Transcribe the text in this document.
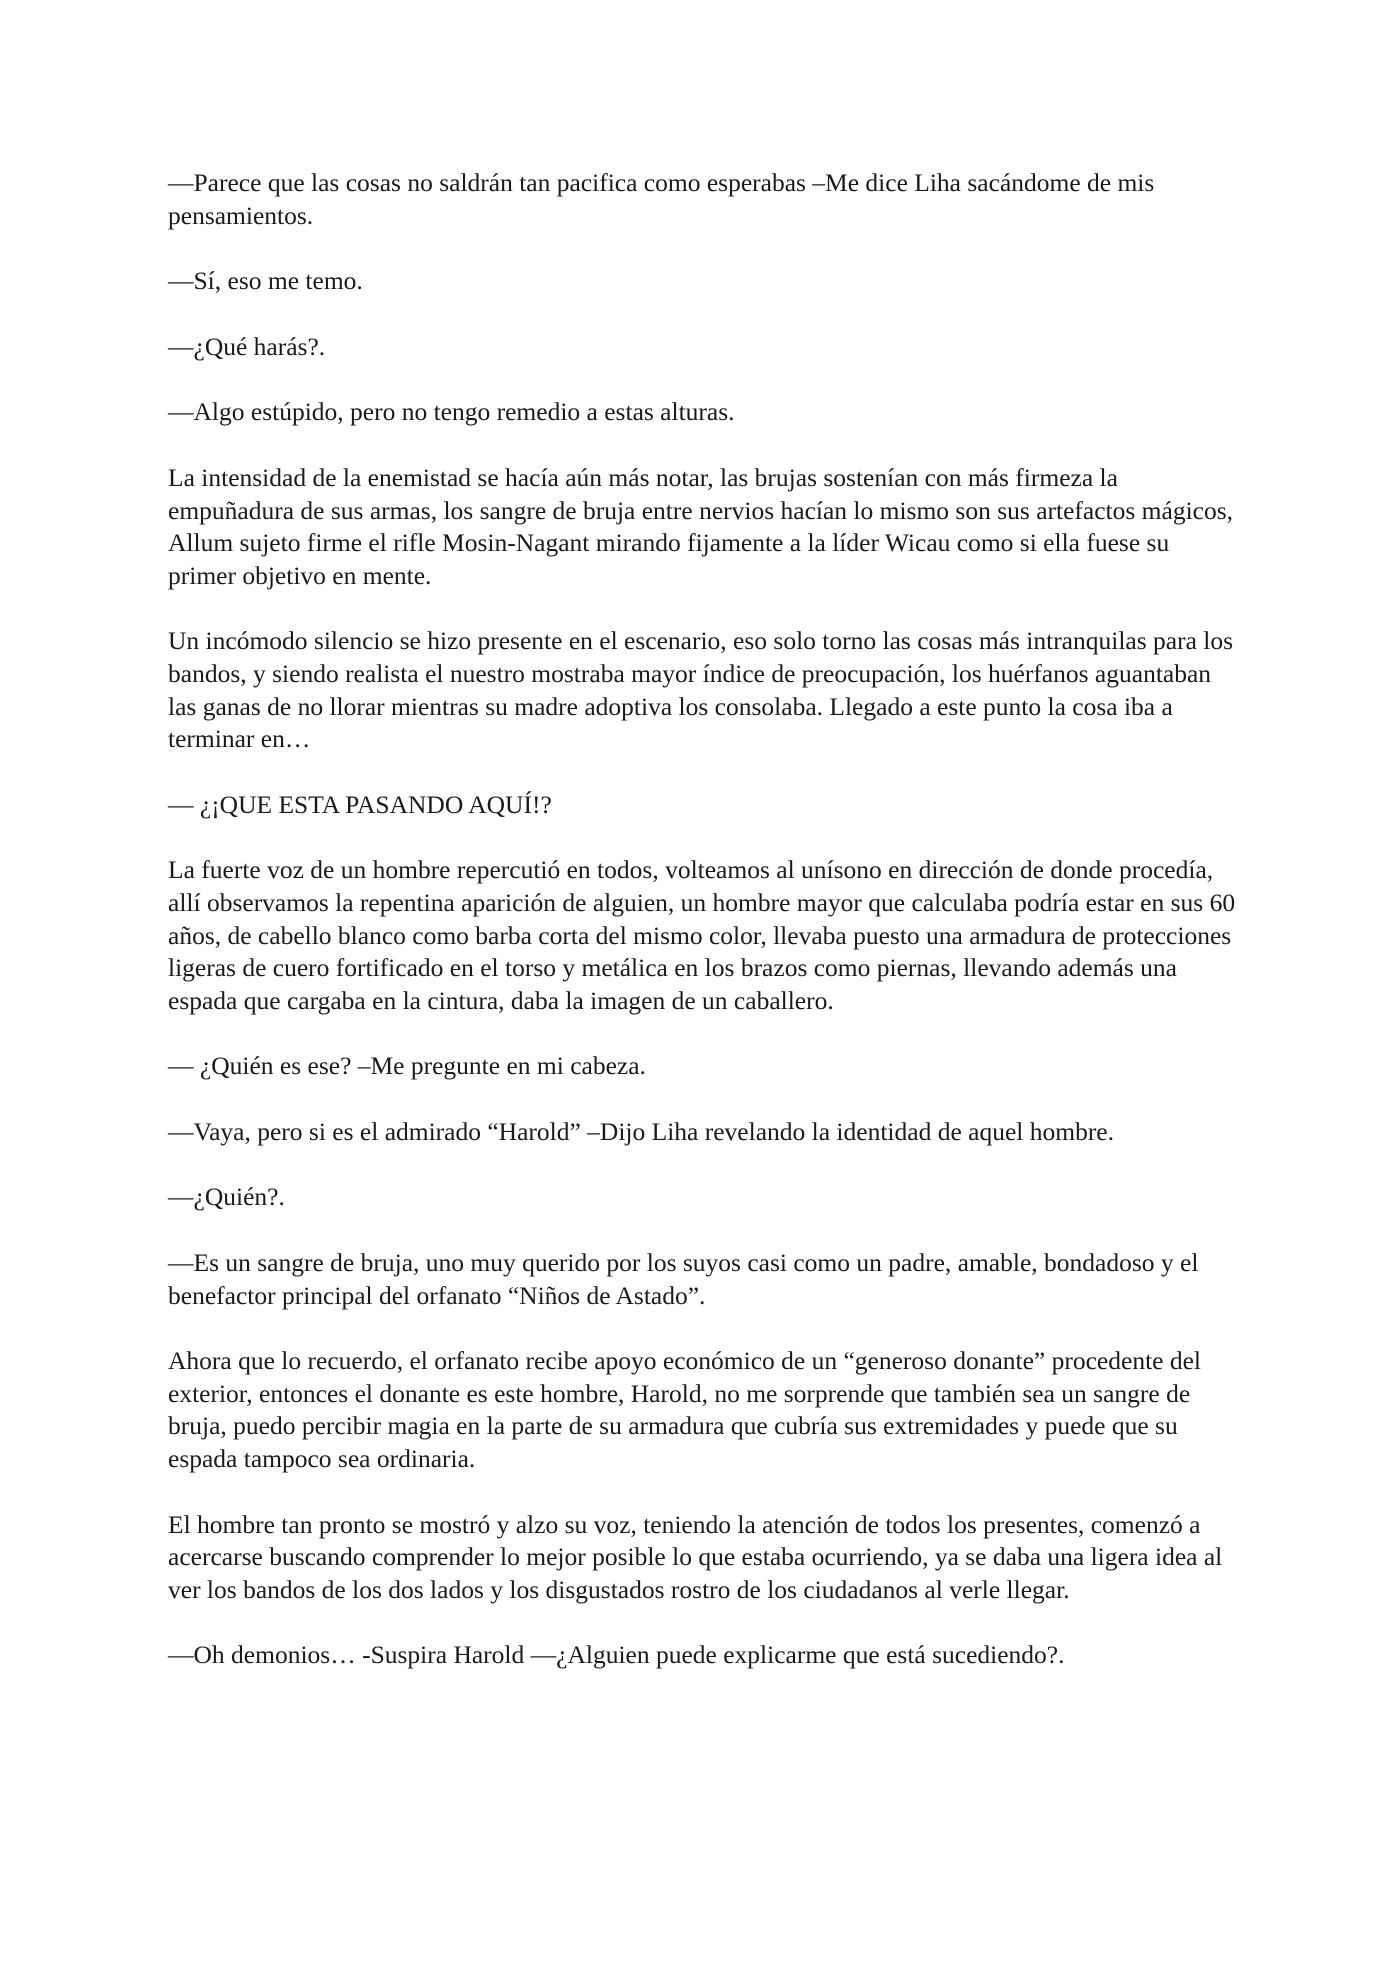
—Parece que las cosas no saldrán tan pacifica como esperabas –Me dice Liha sacándome de mis pensamientos.

—Sí, eso me temo.

—¿Qué harás?.

—Algo estúpido, pero no tengo remedio a estas alturas.

La intensidad de la enemistad se hacía aún más notar, las brujas sostenían con más firmeza la empuñadura de sus armas, los sangre de bruja entre nervios hacían lo mismo son sus artefactos mágicos, Allum sujeto firme el rifle Mosin-Nagant mirando fijamente a la líder Wicau como si ella fuese su primer objetivo en mente.

Un incómodo silencio se hizo presente en el escenario, eso solo torno las cosas más intranquilas para los bandos, y siendo realista el nuestro mostraba mayor índice de preocupación, los huérfanos aguantaban las ganas de no llorar mientras su madre adoptiva los consolaba. Llegado a este punto la cosa iba a terminar en…

— ¿¡QUE ESTA PASANDO AQUÍ!?

La fuerte voz de un hombre repercutió en todos, volteamos al unísono en dirección de donde procedía, allí observamos la repentina aparición de alguien, un hombre mayor que calculaba podría estar en sus 60 años, de cabello blanco como barba corta del mismo color, llevaba puesto una armadura de protecciones ligeras de cuero fortificado en el torso y metálica en los brazos como piernas, llevando además una espada que cargaba en la cintura, daba la imagen de un caballero.

— ¿Quién es ese? –Me pregunte en mi cabeza.

—Vaya, pero si es el admirado “Harold” –Dijo Liha revelando la identidad de aquel hombre.

—¿Quién?.

—Es un sangre de bruja, uno muy querido por los suyos casi como un padre, amable, bondadoso y el benefactor principal del orfanato “Niños de Astado”.

Ahora que lo recuerdo, el orfanato recibe apoyo económico de un “generoso donante” procedente del exterior, entonces el donante es este hombre, Harold, no me sorprende que también sea un sangre de bruja, puedo percibir magia en la parte de su armadura que cubría sus extremidades y puede que su espada tampoco sea ordinaria.

El hombre tan pronto se mostró y alzo su voz, teniendo la atención de todos los presentes, comenzó a acercarse buscando comprender lo mejor posible lo que estaba ocurriendo, ya se daba una ligera idea al ver los bandos de los dos lados y los disgustados rostro de los ciudadanos al verle llegar.

—Oh demonios… -Suspira Harold —¿Alguien puede explicarme que está sucediendo?.
